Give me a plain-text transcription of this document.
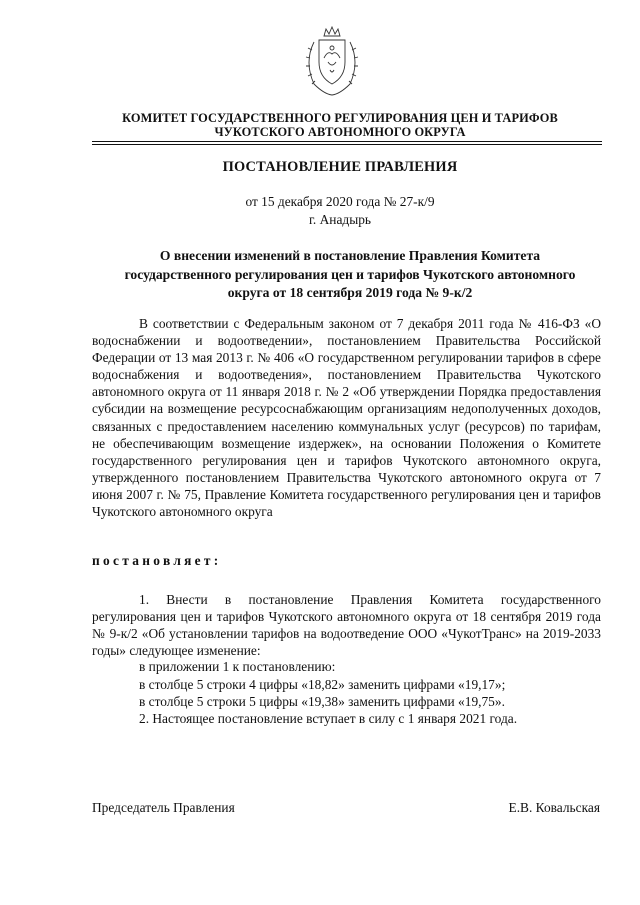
КОМИТЕТ ГОСУДАРСТВЕННОГО РЕГУЛИРОВАНИЯ ЦЕН И ТАРИФОВ
ЧУКОТСКОГО АВТОНОМНОГО ОКРУГА
ПОСТАНОВЛЕНИЕ ПРАВЛЕНИЯ
от 15 декабря 2020 года № 27-к/9
г. Анадырь
О внесении изменений в постановление Правления Комитета
государственного регулирования цен и тарифов Чукотского автономного
округа от 18 сентября 2019 года № 9-к/2
В соответствии с Федеральным законом от 7 декабря 2011 года № 416-ФЗ «О водоснабжении и водоотведении», постановлением Правительства Российской Федерации от 13 мая 2013 г. № 406 «О государственном регулировании тарифов в сфере водоснабжения и водоотведения», постановлением Правительства Чукотского автономного округа от 11 января 2018 г. № 2 «Об утверждении Порядка предоставления субсидии на возмещение ресурсоснабжающим организациям недополученных доходов, связанных с предоставлением населению коммунальных услуг (ресурсов) по тарифам, не обеспечивающим возмещение издержек», на основании Положения о Комитете государственного регулирования цен и тарифов Чукотского автономного округа, утвержденного постановлением Правительства Чукотского автономного округа от 7 июня 2007 г. № 75, Правление Комитета государственного регулирования цен и тарифов Чукотского автономного округа
постановляет:
1. Внести в постановление Правления Комитета государственного регулирования цен и тарифов Чукотского автономного округа от 18 сентября 2019 года № 9-к/2 «Об установлении тарифов на водоотведение ООО «ЧукотТранс» на 2019-2033 годы» следующее изменение:
в приложении 1 к постановлению:
в столбце 5 строки 4 цифры «18,82» заменить цифрами «19,17»;
в столбце 5 строки 5 цифры «19,38» заменить цифрами «19,75».
2. Настоящее постановление вступает в силу с 1 января 2021 года.
Председатель Правления	Е.В. Ковальская
